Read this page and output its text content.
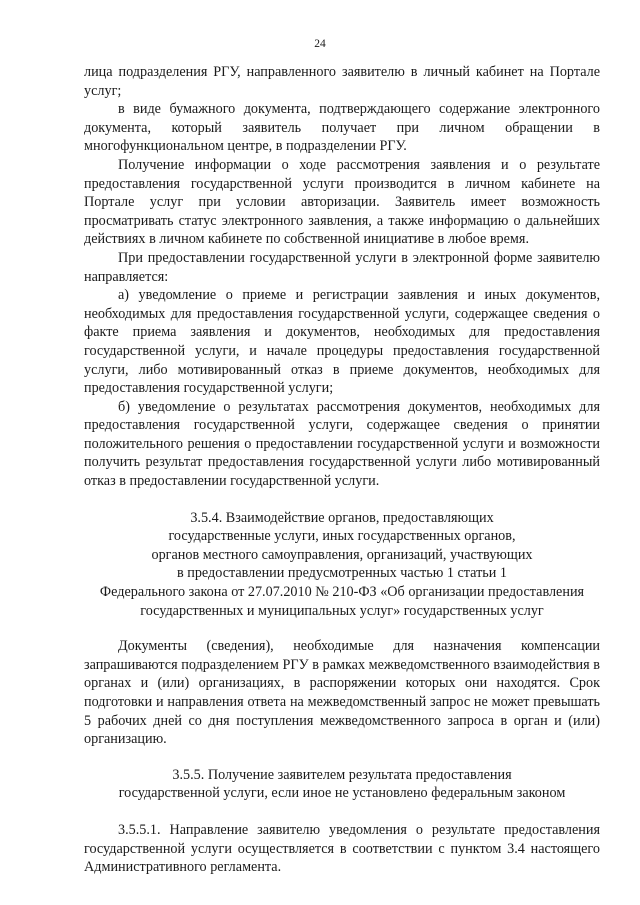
24

лица подразделения РГУ, направленного заявителю в личный кабинет на Портале услуг;

в виде бумажного документа, подтверждающего содержание электронного документа, который заявитель получает при личном обращении в многофункциональном центре, в подразделении РГУ.

Получение информации о ходе рассмотрения заявления и о результате предоставления государственной услуги производится в личном кабинете на Портале услуг при условии авторизации. Заявитель имеет возможность просматривать статус электронного заявления, а также информацию о дальнейших действиях в личном кабинете по собственной инициативе в любое время.

При предоставлении государственной услуги в электронной форме заявителю направляется:

а) уведомление о приеме и регистрации заявления и иных документов, необходимых для предоставления государственной услуги, содержащее сведения о факте приема заявления и документов, необходимых для предоставления государственной услуги, и начале процедуры предоставления государственной услуги, либо мотивированный отказ в приеме документов, необходимых для предоставления государственной услуги;

б) уведомление о результатах рассмотрения документов, необходимых для предоставления государственной услуги, содержащее сведения о принятии положительного решения о предоставлении государственной услуги и возможности получить результат предоставления государственной услуги либо мотивированный отказ в предоставлении государственной услуги.

3.5.4. Взаимодействие органов, предоставляющих

государственные услуги, иных государственных органов,

органов местного самоуправления, организаций, участвующих

в предоставлении предусмотренных частью 1 статьи 1

Федерального закона от 27.07.2010 № 210-ФЗ «Об организации предоставления

государственных и муниципальных услуг» государственных услуг

Документы (сведения), необходимые для назначения компенсации запрашиваются подразделением РГУ в рамках межведомственного взаимодействия в органах и (или) организациях, в распоряжении которых они находятся. Срок подготовки и направления ответа на межведомственный запрос не может превышать 5 рабочих дней со дня поступления межведомственного запроса в орган и (или) организацию.

3.5.5. Получение заявителем результата предоставления

государственной услуги, если иное не установлено федеральным законом

3.5.5.1. Направление заявителю уведомления о результате предоставления государственной услуги осуществляется в соответствии с пунктом 3.4 настоящего Административного регламента.
